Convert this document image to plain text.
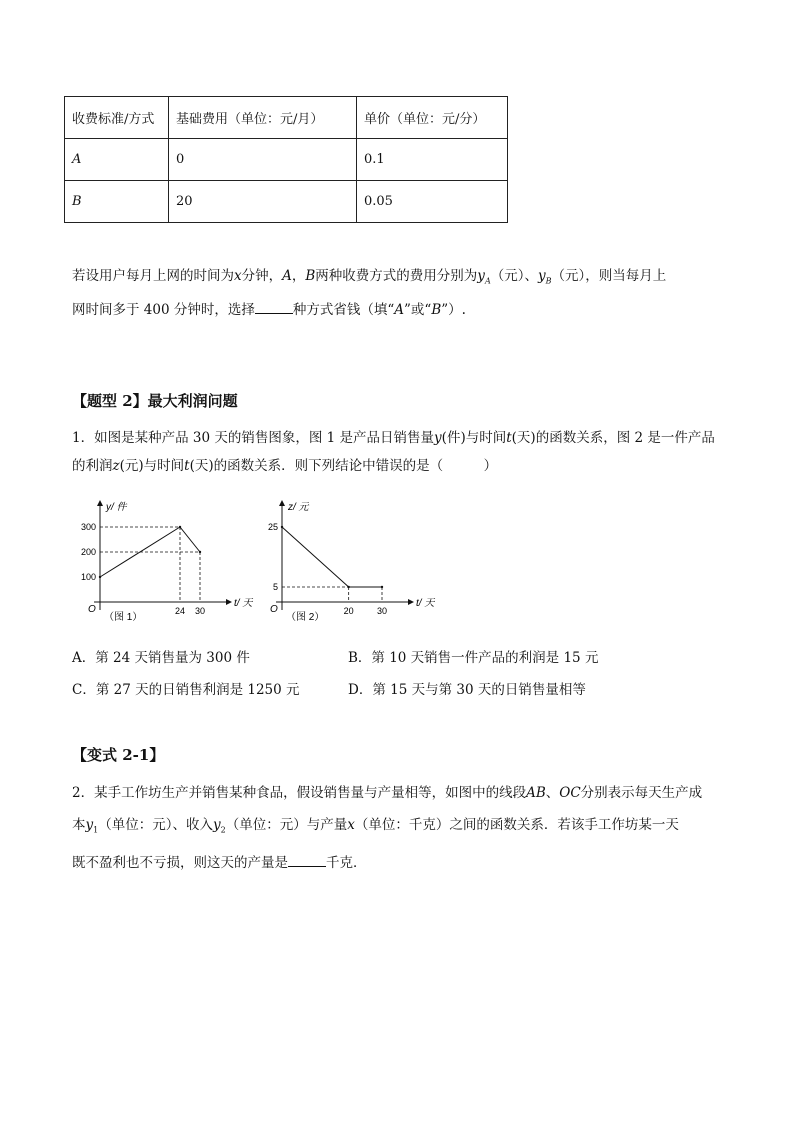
收费标准/方式	基础费用（单位：元/月）	单价（单位：元/分）
A	0	0.1
B	20	0.05
若设用户每月上网的时间为x分钟，A，B两种收费方式的费用分别为$y_A$（元）、$y_B$（元），则当每月上
网时间多于 400 分钟时，选择	种方式省钱（填“A”或“B”）.
【题型 2】最大利润问题
1．如图是某种产品 30 天的销售图象，图 1 是产品日销售量y(件)与时间t(天)的函数关系，图 2 是一件产品
的利润z(元)与时间t(天)的函数关系．则下列结论中错误的是（　　　）
y/ 件
t/ 天
O
（图 1）
100
200
300
24 30
z/ 元
t/ 天
O
（图 2）
5
25
20	30
A．第 24 天销售量为 300 件	B．第 10 天销售一件产品的利润是 15 元
C．第 27 天的日销售利润是 1250 元	D．第 15 天与第 30 天的日销售量相等
【变式 2-1】
2．某手工作坊生产并销售某种食品，假设销售量与产量相等，如图中的线段AB、OC分别表示每天生产成
本$y_1$（单位：元）、收入$y_2$（单位：元）与产量x（单位：千克）之间的函数关系．若该手工作坊某一天
既不盈利也不亏损，则这天的产量是	千克．
